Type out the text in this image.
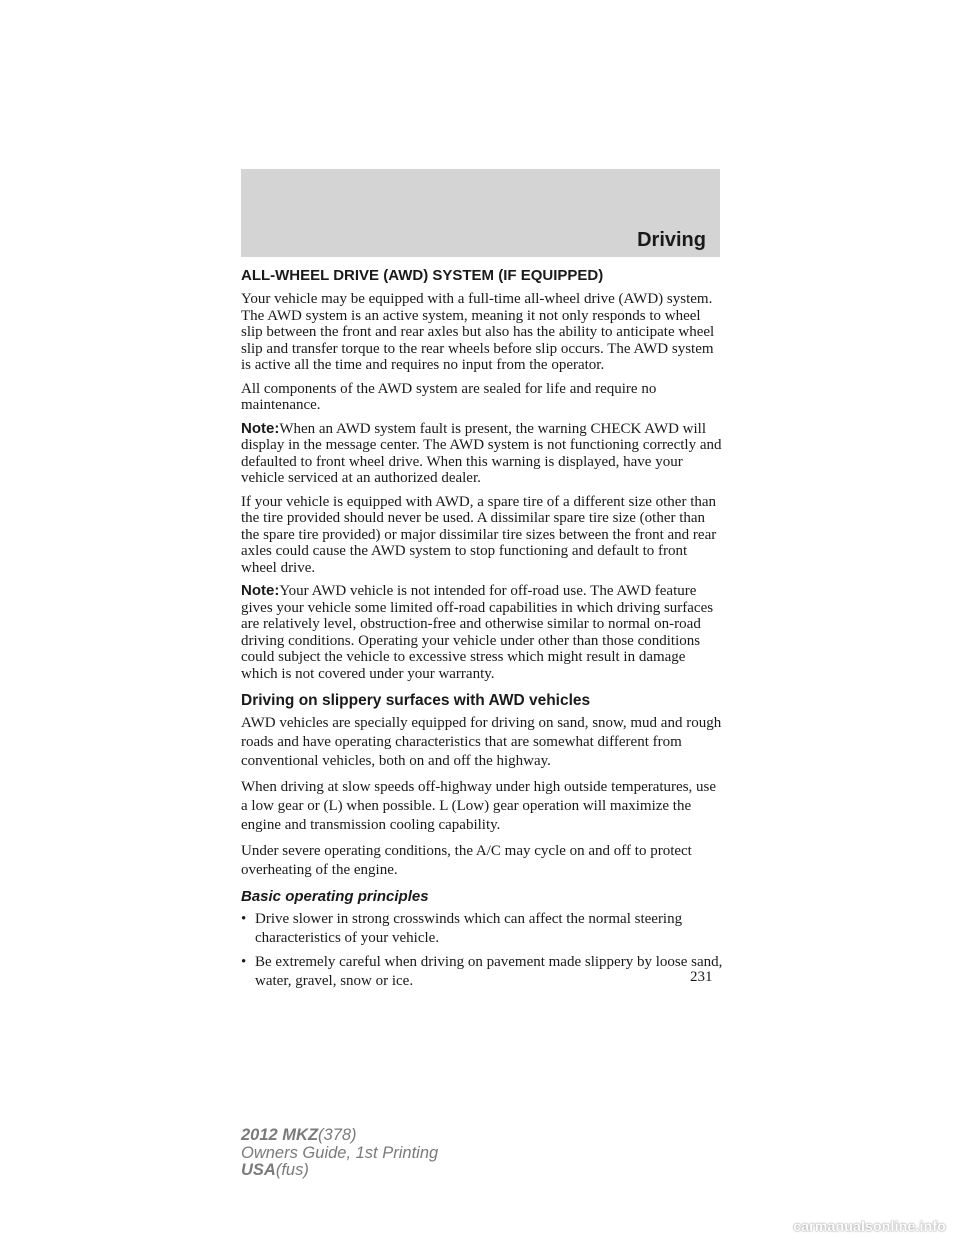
Driving
ALL-WHEEL DRIVE (AWD) SYSTEM (IF EQUIPPED)

Your vehicle may be equipped with a full-time all-wheel drive (AWD) system. The AWD system is an active system, meaning it not only responds to wheel slip between the front and rear axles but also has the ability to anticipate wheel slip and transfer torque to the rear wheels before slip occurs. The AWD system is active all the time and requires no input from the operator.

All components of the AWD system are sealed for life and require no maintenance.

Note:When an AWD system fault is present, the warning CHECK AWD will display in the message center. The AWD system is not functioning correctly and defaulted to front wheel drive. When this warning is displayed, have your vehicle serviced at an authorized dealer.

If your vehicle is equipped with AWD, a spare tire of a different size other than the tire provided should never be used. A dissimilar spare tire size (other than the spare tire provided) or major dissimilar tire sizes between the front and rear axles could cause the AWD system to stop functioning and default to front wheel drive.

Note:Your AWD vehicle is not intended for off-road use. The AWD feature gives your vehicle some limited off-road capabilities in which driving surfaces are relatively level, obstruction-free and otherwise similar to normal on-road driving conditions. Operating your vehicle under other than those conditions could subject the vehicle to excessive stress which might result in damage which is not covered under your warranty.

Driving on slippery surfaces with AWD vehicles

AWD vehicles are specially equipped for driving on sand, snow, mud and rough roads and have operating characteristics that are somewhat different from conventional vehicles, both on and off the highway.

When driving at slow speeds off-highway under high outside temperatures, use a low gear or (L) when possible. L (Low) gear operation will maximize the engine and transmission cooling capability.

Under severe operating conditions, the A/C may cycle on and off to protect overheating of the engine.

Basic operating principles
• Drive slower in strong crosswinds which can affect the normal steering characteristics of your vehicle.
• Be extremely careful when driving on pavement made slippery by loose sand, water, gravel, snow or ice.	231
2012 MKZ(378)
Owners Guide, 1st Printing
USA(fus)
carmanualsonline.info
